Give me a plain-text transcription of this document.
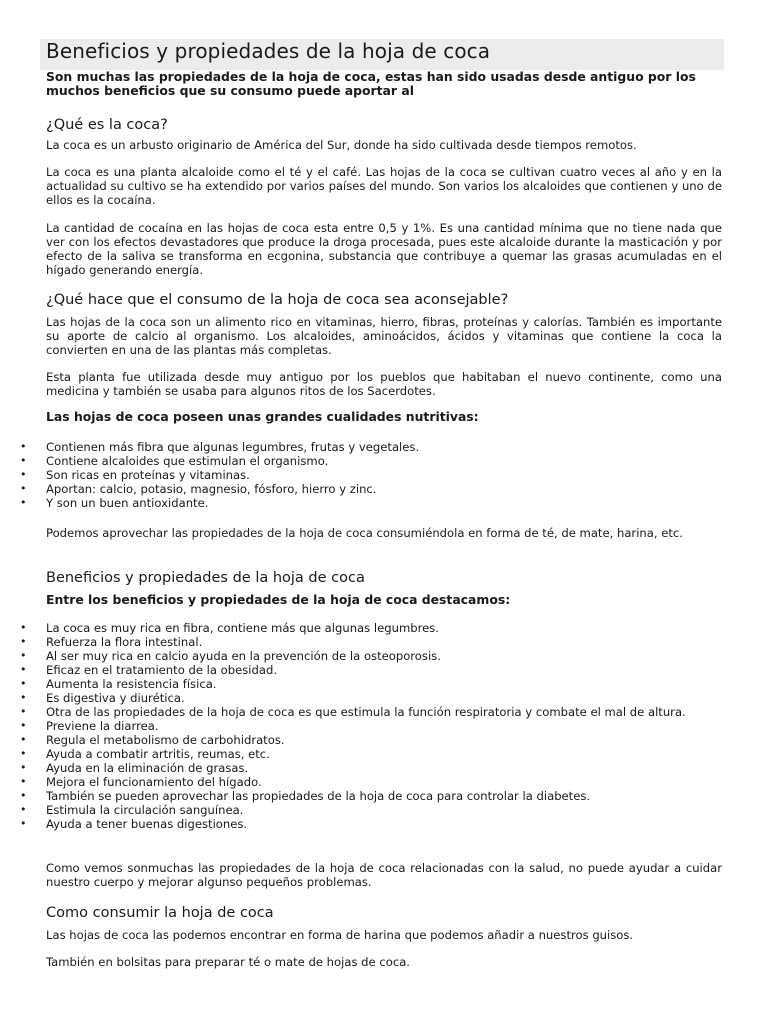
Beneficios y propiedades de la hoja de coca

Son muchas las propiedades de la hoja de coca, estas han sido usadas desde antiguo por los muchos beneficios que su consumo puede aportar al

¿Qué es la coca?

La coca es un arbusto originario de América del Sur, donde ha sido cultivada desde tiempos remotos.

La coca es una planta alcaloide como el té y el café. Las hojas de la coca se cultivan cuatro veces al año y en la actualidad su cultivo se ha extendido por varios países del mundo. Son varios los alcaloides que contienen y uno de ellos es la cocaína.

La cantidad de cocaína en las hojas de coca esta entre 0,5 y 1%. Es una cantidad mínima que no tiene nada que ver con los efectos devastadores que produce la droga procesada, pues este alcaloide durante la masticación y por efecto de la saliva se transforma en ecgonina, substancia que contribuye a quemar las grasas acumuladas en el hígado generando energía.

¿Qué hace que el consumo de la hoja de coca sea aconsejable?

Las hojas de la coca son un alimento rico en vitaminas, hierro, fibras, proteínas y calorías. También es importante su aporte de calcio al organismo. Los alcaloides, aminoácidos, ácidos y vitaminas que contiene la coca la convierten en una de las plantas más completas.

Esta planta fue utilizada desde muy antiguo por los pueblos que habitaban el nuevo continente, como una medicina y también se usaba para algunos ritos de los Sacerdotes.

Las hojas de coca poseen unas grandes cualidades nutritivas:

• Contienen más fibra que algunas legumbres, frutas y vegetales.
• Contiene alcaloides que estimulan el organismo.
• Son ricas en proteínas y vitaminas.
• Aportan: calcio, potasio, magnesio, fósforo, hierro y zinc.
• Y son un buen antioxidante.

Podemos aprovechar las propiedades de la hoja de coca consumiéndola en forma de té, de mate, harina, etc.

Beneficios y propiedades de la hoja de coca

Entre los beneficios y propiedades de la hoja de coca destacamos:

• La coca es muy rica en fibra, contiene más que algunas legumbres.
• Refuerza la flora intestinal.
• Al ser muy rica en calcio ayuda en la prevención de la osteoporosis.
• Eficaz en el tratamiento de la obesidad.
• Aumenta la resistencia física.
• Es digestiva y diurética.
• Otra de las propiedades de la hoja de coca es que estimula la función respiratoria y combate el mal de altura.
• Previene la diarrea.
• Regula el metabolismo de carbohidratos.
• Ayuda a combatir artritis, reumas, etc.
• Ayuda en la eliminación de grasas.
• Mejora el funcionamiento del hígado.
• También se pueden aprovechar las propiedades de la hoja de coca para controlar la diabetes.
• Estimula la circulación sanguínea.
• Ayuda a tener buenas digestiones.

Como vemos sonmuchas las propiedades de la hoja de coca relacionadas con la salud, no puede ayudar a cuidar nuestro cuerpo y mejorar algunso pequeños problemas.

Como consumir la hoja de coca

Las hojas de coca las podemos encontrar en forma de harina que podemos añadir a nuestros guisos.

También en bolsitas para preparar té o mate de hojas de coca.
